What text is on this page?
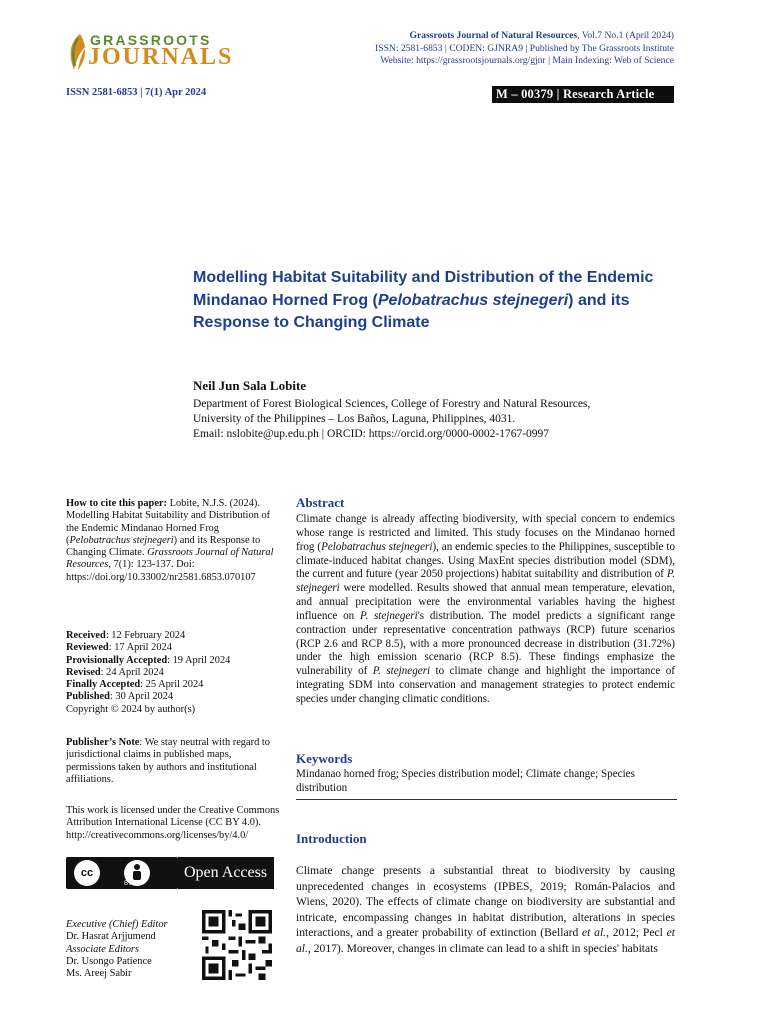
GRASSROOTS
JOURNALS
Grassroots Journal of Natural Resources, Vol.7 No.1 (April 2024)
ISSN: 2581-6853 | CODEN: GJNRA9 | Published by The Grassroots Institute
Website: https://grassrootsjournals.org/gjnr | Main Indexing: Web of Science
ISSN 2581-6853 | 7(1) Apr 2024	M – 00379 | Research Article
Modelling Habitat Suitability and Distribution of the Endemic Mindanao Horned Frog (Pelobatrachus stejnegeri) and its Response to Changing Climate
Neil Jun Sala Lobite
Department of Forest Biological Sciences, College of Forestry and Natural Resources,
University of the Philippines – Los Baños, Laguna, Philippines, 4031.
Email: nslobite@up.edu.ph | ORCID: https://orcid.org/0000-0002-1767-0997
How to cite this paper: Lobite, N.J.S. (2024). Modelling Habitat Suitability and Distribution of the Endemic Mindanao Horned Frog (Pelobatrachus stejnegeri) and its Response to Changing Climate. Grassroots Journal of Natural Resources, 7(1): 123-137. Doi: https://doi.org/10.33002/nr2581.6853.070107
Received: 12 February 2024
Reviewed: 17 April 2024
Provisionally Accepted: 19 April 2024
Revised: 24 April 2024
Finally Accepted: 25 April 2024
Published: 30 April 2024
Copyright © 2024 by author(s)
Publisher’s Note: We stay neutral with regard to jurisdictional claims in published maps, permissions taken by authors and institutional affiliations.
This work is licensed under the Creative Commons Attribution International License (CC BY 4.0).
http://creativecommons.org/licenses/by/4.0/
cc
BY
Open Access
Executive (Chief) Editor
Dr. Hasrat Arjjumend
Associate Editors
Dr. Usongo Patience
Ms. Areej Sabir
Abstract
Climate change is already affecting biodiversity, with special concern to endemics whose range is restricted and limited. This study focuses on the Mindanao horned frog (Pelobatrachus stejnegeri), an endemic species to the Philippines, susceptible to climate-induced habitat changes. Using MaxEnt species distribution model (SDM), the current and future (year 2050 projections) habitat suitability and distribution of P. stejnegeri were modelled. Results showed that annual mean temperature, elevation, and annual precipitation were the environmental variables having the highest influence on P. stejnegeri's distribution. The model predicts a significant range contraction under representative concentration pathways (RCP) future scenarios (RCP 2.6 and RCP 8.5), with a more pronounced decrease in distribution (31.72%) under the high emission scenario (RCP 8.5). These findings emphasize the vulnerability of P. stejnegeri to climate change and highlight the importance of integrating SDM into conservation and management strategies to protect endemic species under changing climatic conditions.
Keywords
Mindanao horned frog; Species distribution model; Climate change; Species distribution
Introduction
Climate change presents a substantial threat to biodiversity by causing unprecedented changes in ecosystems (IPBES, 2019; Román-Palacios and Wiens, 2020). The effects of climate change on biodiversity are substantial and intricate, encompassing changes in habitat distribution, alterations in species interactions, and a greater probability of extinction (Bellard et al., 2012; Pecl et al., 2017). Moreover, changes in climate can lead to a shift in species' habitats
